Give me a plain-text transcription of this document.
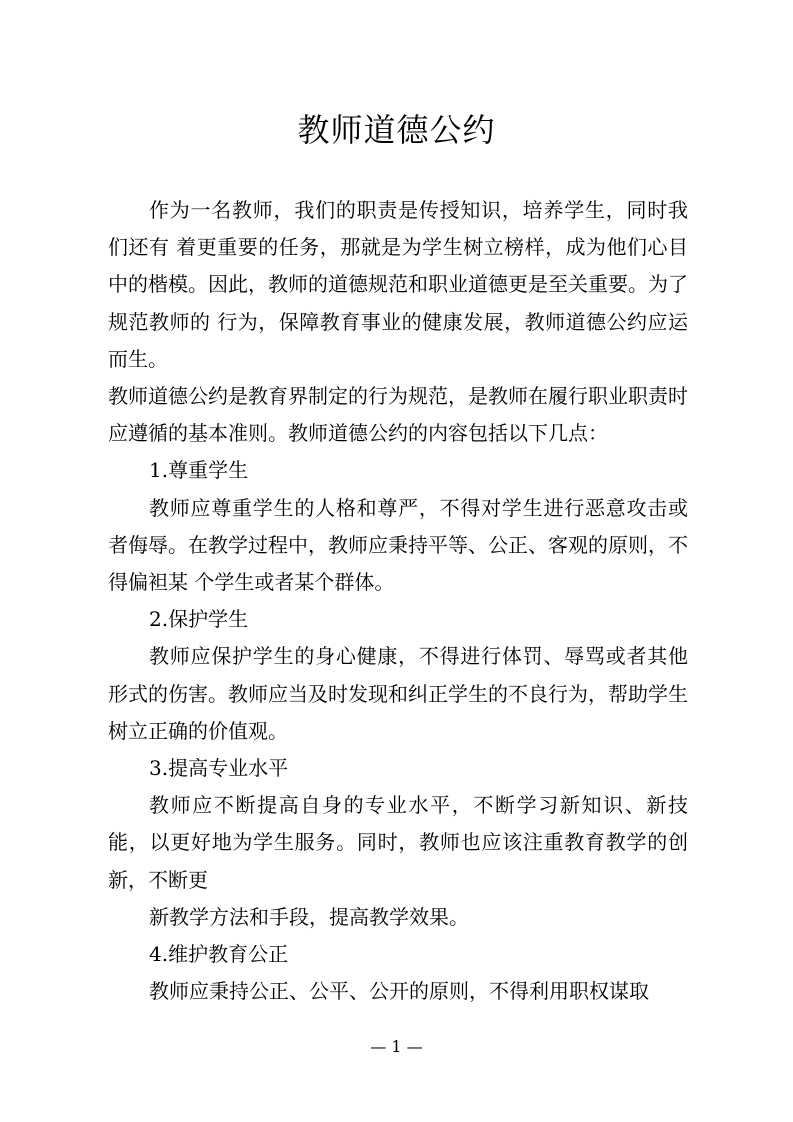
教师道德公约

作为一名教师，我们的职责是传授知识，培养学生，同时我们还有 着更重要的任务，那就是为学生树立榜样，成为他们心目中的楷模。因此，教师的道德规范和职业道德更是至关重要。为了规范教师的 行为，保障教育事业的健康发展，教师道德公约应运而生。

教师道德公约是教育界制定的行为规范，是教师在履行职业职责时应遵循的基本准则。教师道德公约的内容包括以下几点：

1.尊重学生

教师应尊重学生的人格和尊严，不得对学生进行恶意攻击或者侮辱。在教学过程中，教师应秉持平等、公正、客观的原则，不得偏袒某 个学生或者某个群体。

2.保护学生

教师应保护学生的身心健康，不得进行体罚、辱骂或者其他形式的伤害。教师应当及时发现和纠正学生的不良行为，帮助学生树立正确的价值观。

3.提高专业水平

教师应不断提高自身的专业水平，不断学习新知识、新技能，以更好地为学生服务。同时，教师也应该注重教育教学的创新，不断更

新教学方法和手段，提高教学效果。

4.维护教育公正

教师应秉持公正、公平、公开的原则，不得利用职权谋取

— 1 —
